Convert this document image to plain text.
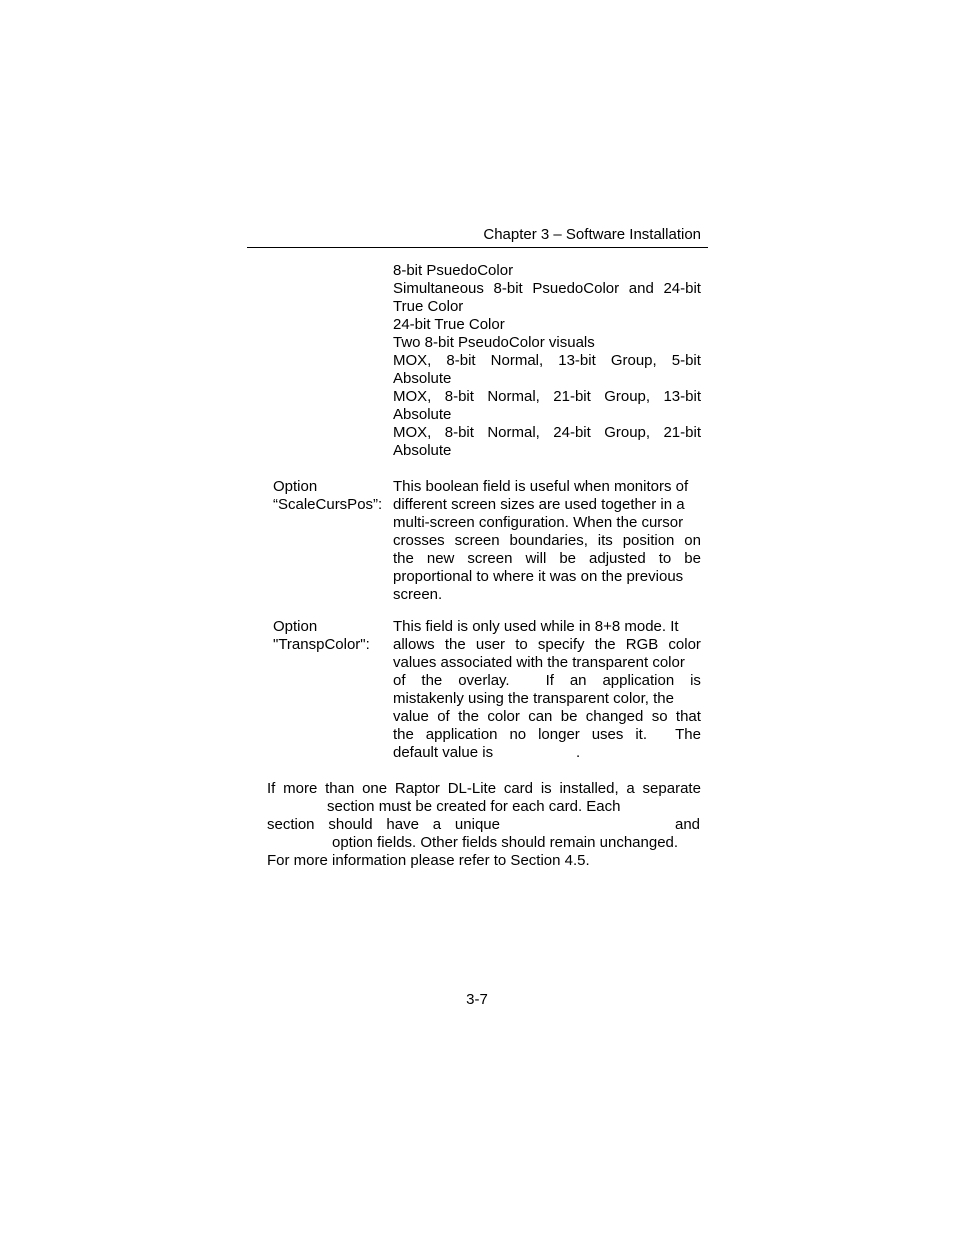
Chapter 3 – Software Installation
8-bit PsuedoColor
Simultaneous 8-bit PsuedoColor and 24-bit
True Color
24-bit True Color
Two 8-bit PseudoColor visuals
MOX, 8-bit Normal, 13-bit Group, 5-bit
Absolute
MOX, 8-bit Normal, 21-bit Group, 13-bit
Absolute
MOX, 8-bit Normal, 24-bit Group, 21-bit
Absolute
Option
“ScaleCursPos”:
This boolean field is useful when monitors of
different screen sizes are used together in a
multi-screen configuration. When the cursor
crosses screen boundaries, its position on
the new screen will be adjusted to be
proportional to where it was on the previous
screen.
Option
"TranspColor":
This field is only used while in 8+8 mode. It
allows the user to specify the RGB color
values associated with the transparent color
of the overlay.
If an application is
mistakenly using the transparent color, the
value of the color can be changed so that
the application no longer uses it.
The
default value is	.
If more than one Raptor DL-Lite card is installed, a separate
section must be created for each card. Each
section should have a unique	and
option fields. Other fields should remain unchanged.
For more information please refer to Section 4.5.
3-7
